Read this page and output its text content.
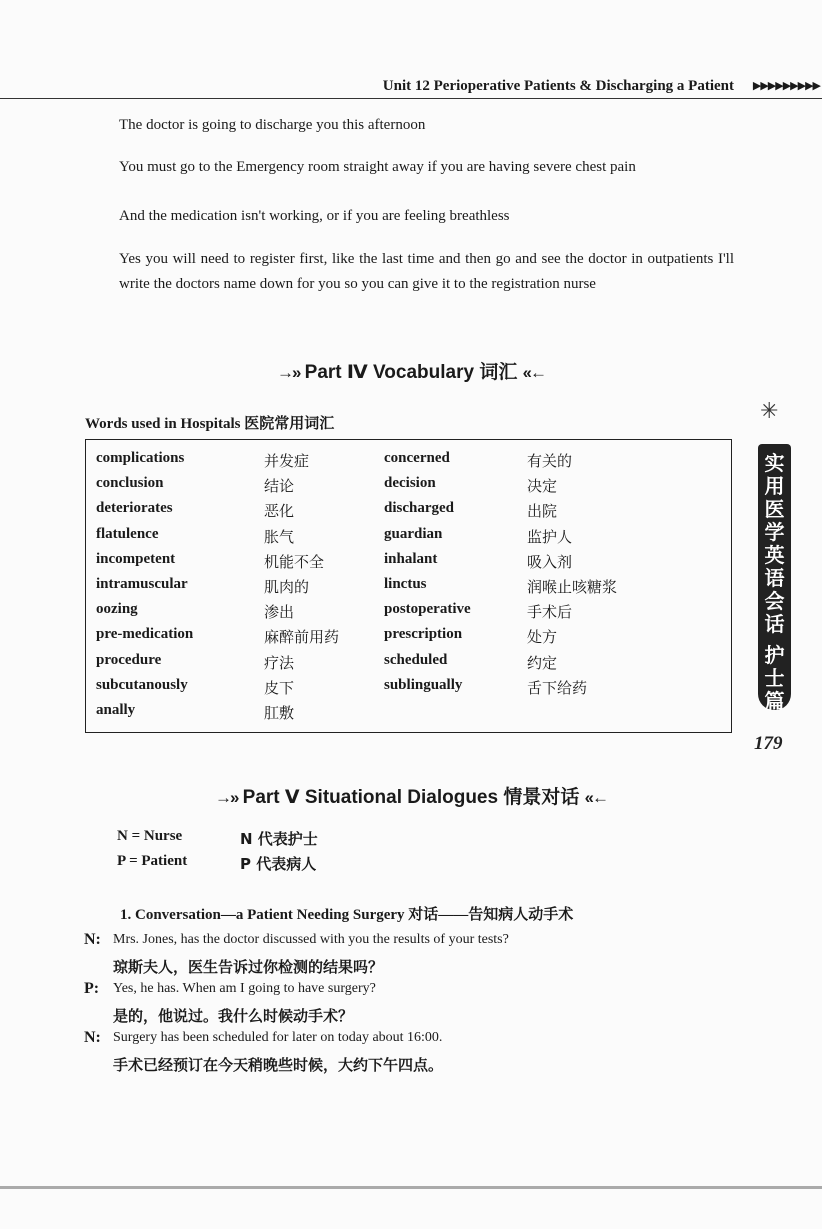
Unit 12 Perioperative Patients & Discharging a Patient ▶▶▶▶▶▶▶▶▶
The doctor is going to discharge you this afternoon
You must go to the Emergency room straight away if you are having severe chest pain
And the medication isn't working, or if you are feeling breathless
Yes you will need to register first, like the last time and then go and see the doctor in outpatients I'll write the doctors name down for you so you can give it to the registration nurse
→›› Part Ⅳ Vocabulary 词汇 ‹‹←
Words used in Hospitals 医院常用词汇
complications	并发症	concerned	有关的
conclusion	结论	decision	决定
deteriorates	恶化	discharged	出院
flatulence	胀气	guardian	监护人
incompetent	机能不全	inhalant	吸入剂
intramuscular	肌肉的	linctus	润喉止咳糖浆
oozing	渗出	postoperative	手术后
pre-medication	麻醉前用药	prescription	处方
procedure	疗法	scheduled	约定
subcutanously	皮下	sublingually	舌下给药
anally	肛敷
→›› Part Ⅴ Situational Dialogues 情景对话 ‹‹←
N = Nurse	N 代表护士
P = Patient	P 代表病人
1. Conversation—a Patient Needing Surgery 对话——告知病人动手术
N: Mrs. Jones, has the doctor discussed with you the results of your tests?
琼斯夫人，医生告诉过你检测的结果吗？
P: Yes, he has. When am I going to have surgery?
是的，他说过。我什么时候动手术？
N: Surgery has been scheduled for later on today about 16:00.
手术已经预订在今天稍晚些时候，大约下午四点。
✳
实
用
医
学
英
语
会
话
护
士
篇
179
